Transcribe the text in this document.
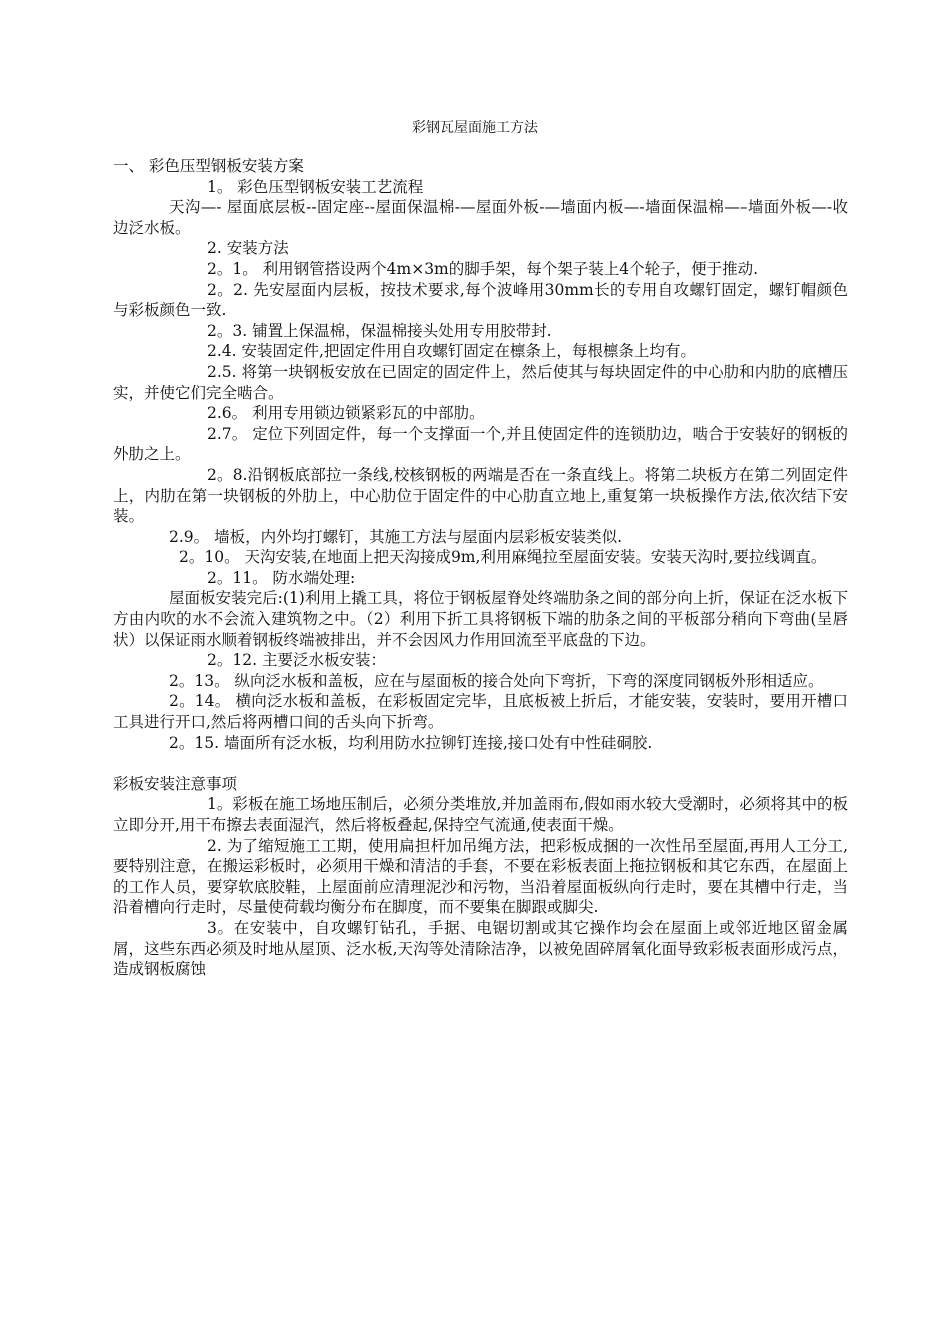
彩钢瓦屋面施工方法

一、 彩色压型钢板安装方案

1。 彩色压型钢板安装工艺流程

天沟—- 屋面底层板--固定座--屋面保温棉-—屋面外板-—墙面内板—-墙面保温棉—–墙面外板—-收边泛水板。

2. 安装方法

2。1。 利用钢管搭设两个4m×3m的脚手架，每个架子装上4个轮子，便于推动.

2。2. 先安屋面内层板，按技术要求,每个波峰用30mm长的专用自攻螺钉固定，螺钉帽颜色与彩板颜色一致.

2。3. 铺置上保温棉，保温棉接头处用专用胶带封.

2.4. 安装固定件,把固定件用自攻螺钉固定在檩条上，每根檩条上均有。

2.5. 将第一块钢板安放在已固定的固定件上，然后使其与每块固定件的中心肋和内肋的底槽压实，并使它们完全啮合。

2.6。 利用专用锁边锁紧彩瓦的中部肋。

2.7。 定位下列固定件，每一个支撑面一个,并且使固定件的连锁肋边，啮合于安装好的钢板的外肋之上。

2。8.沿钢板底部拉一条线,校核钢板的两端是否在一条直线上。将第二块板方在第二列固定件上，内肋在第一块钢板的外肋上，中心肋位于固定件的中心肋直立地上,重复第一块板操作方法,依次结下安装。

2.9。 墙板，内外均打螺钉，其施工方法与屋面内层彩板安装类似.

2。10。 天沟安装,在地面上把天沟接成9m,利用麻绳拉至屋面安装。安装天沟时,要拉线调直。

2。11。 防水端处理:

屋面板安装完后:(1)利用上撬工具，将位于钢板屋脊处终端肋条之间的部分向上折，保证在泛水板下方由内吹的水不会流入建筑物之中。（2）利用下折工具将钢板下端的肋条之间的平板部分稍向下弯曲(呈唇状）以保证雨水顺着钢板终端被排出，并不会因风力作用回流至平底盘的下边。

2。12. 主要泛水板安装：

2。13。 纵向泛水板和盖板，应在与屋面板的接合处向下弯折，下弯的深度同钢板外形相适应。

2。14。 横向泛水板和盖板，在彩板固定完毕，且底板被上折后，才能安装，安装时，要用开槽口工具进行开口,然后将两槽口间的舌头向下折弯。

2。15. 墙面所有泛水板，均利用防水拉铆钉连接,接口处有中性硅硐胶.

彩板安装注意事项

1。彩板在施工场地压制后，必须分类堆放,并加盖雨布,假如雨水较大受潮时，必须将其中的板立即分开,用干布擦去表面湿汽，然后将板叠起,保持空气流通,使表面干燥。

2. 为了缩短施工工期，使用扁担杆加吊绳方法，把彩板成捆的一次性吊至屋面,再用人工分工,要特别注意，在搬运彩板时，必须用干燥和清洁的手套，不要在彩板表面上拖拉钢板和其它东西，在屋面上的工作人员，要穿软底胶鞋，上屋面前应清理泥沙和污物，当沿着屋面板纵向行走时，要在其槽中行走，当沿着槽向行走时，尽量使荷载均衡分布在脚度，而不要集在脚跟或脚尖.

3。在安装中，自攻螺钉钻孔，手据、电锯切割或其它操作均会在屋面上或邻近地区留金属屑，这些东西必须及时地从屋顶、泛水板,天沟等处清除洁净，以被免固碎屑氧化面导致彩板表面形成污点，造成钢板腐蚀
